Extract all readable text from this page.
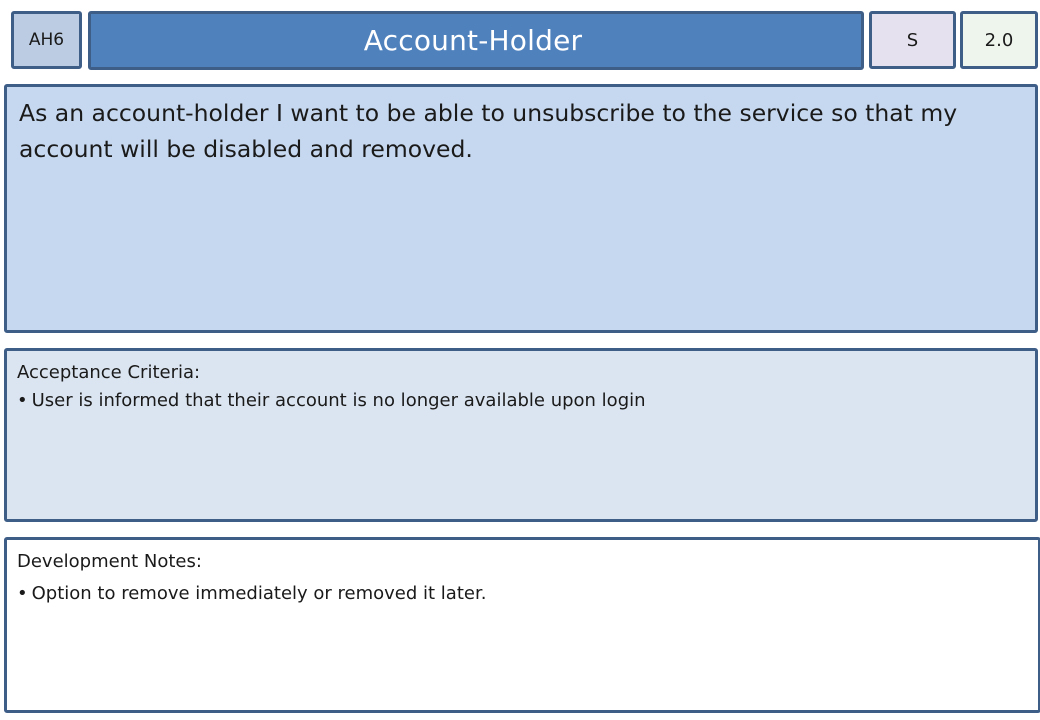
AH6	Account-Holder	S	2.0
As an account-holder I want to be able to unsubscribe to the service so that my account will be disabled and removed.
Acceptance Criteria:
• User is informed that their account is no longer available upon login
Development Notes:
• Option to remove immediately or removed it later.
